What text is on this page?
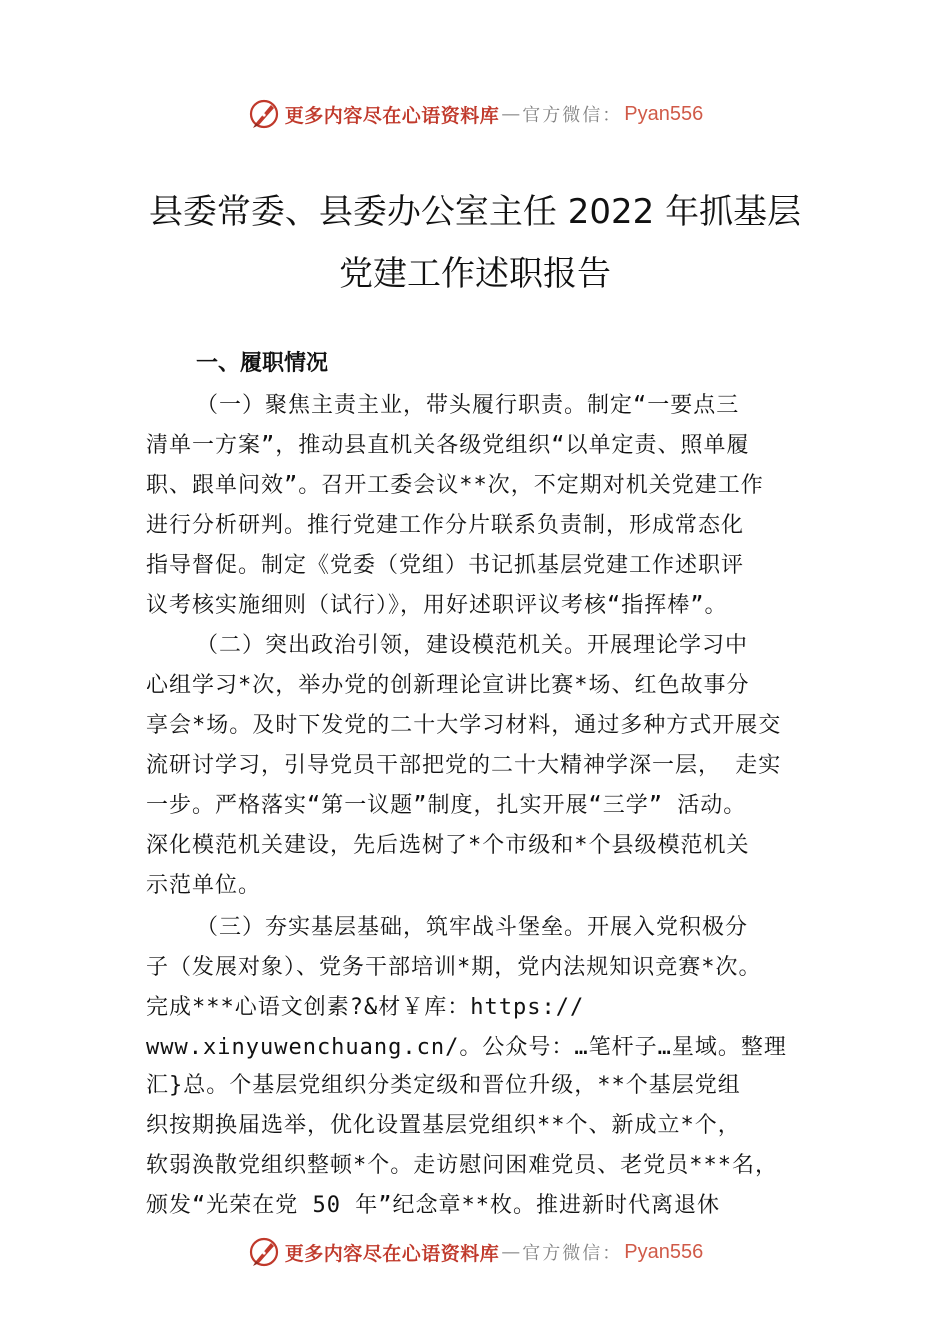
更多内容尽在心语资料库 — 官方微信： Pyan556
县委常委、县委办公室主任 2022 年抓基层
党建工作述职报告
一、履职情况
（一）聚焦主责主业，带头履行职责。制定“一要点三
清单一方案”，推动县直机关各级党组织“以单定责、照单履
职、跟单问效”。召开工委会议**次，不定期对机关党建工作
进行分析研判。推行党建工作分片联系负责制，形成常态化
指导督促。制定《党委（党组）书记抓基层党建工作述职评
议考核实施细则（试行）》，用好述职评议考核“指挥棒”。
（二）突出政治引领，建设模范机关。开展理论学习中
心组学习*次，举办党的创新理论宣讲比赛*场、红色故事分
享会*场。及时下发党的二十大学习材料，通过多种方式开展交
流研讨学习，引导党员干部把党的二十大精神学深一层， 走实
一步。严格落实“第一议题”制度，扎实开展“三学” 活动。
深化模范机关建设，先后选树了*个市级和*个县级模范机关
示范单位。
（三）夯实基层基础，筑牢战斗堡垒。开展入党积极分
子（发展对象）、党务干部培训*期，党内法规知识竞赛*次。
完成***心语文创素?&材￥库：https://
www.xinyuwenchuang.cn/。公众号：…笔杆子…星域。整理
汇}总。个基层党组织分类定级和晋位升级，**个基层党组
织按期换届选举，优化设置基层党组织**个、新成立*个，
软弱涣散党组织整顿*个。走访慰问困难党员、老党员***名，
颁发“光荣在党 50 年”纪念章**枚。推进新时代离退休
更多内容尽在心语资料库 — 官方微信： Pyan556
